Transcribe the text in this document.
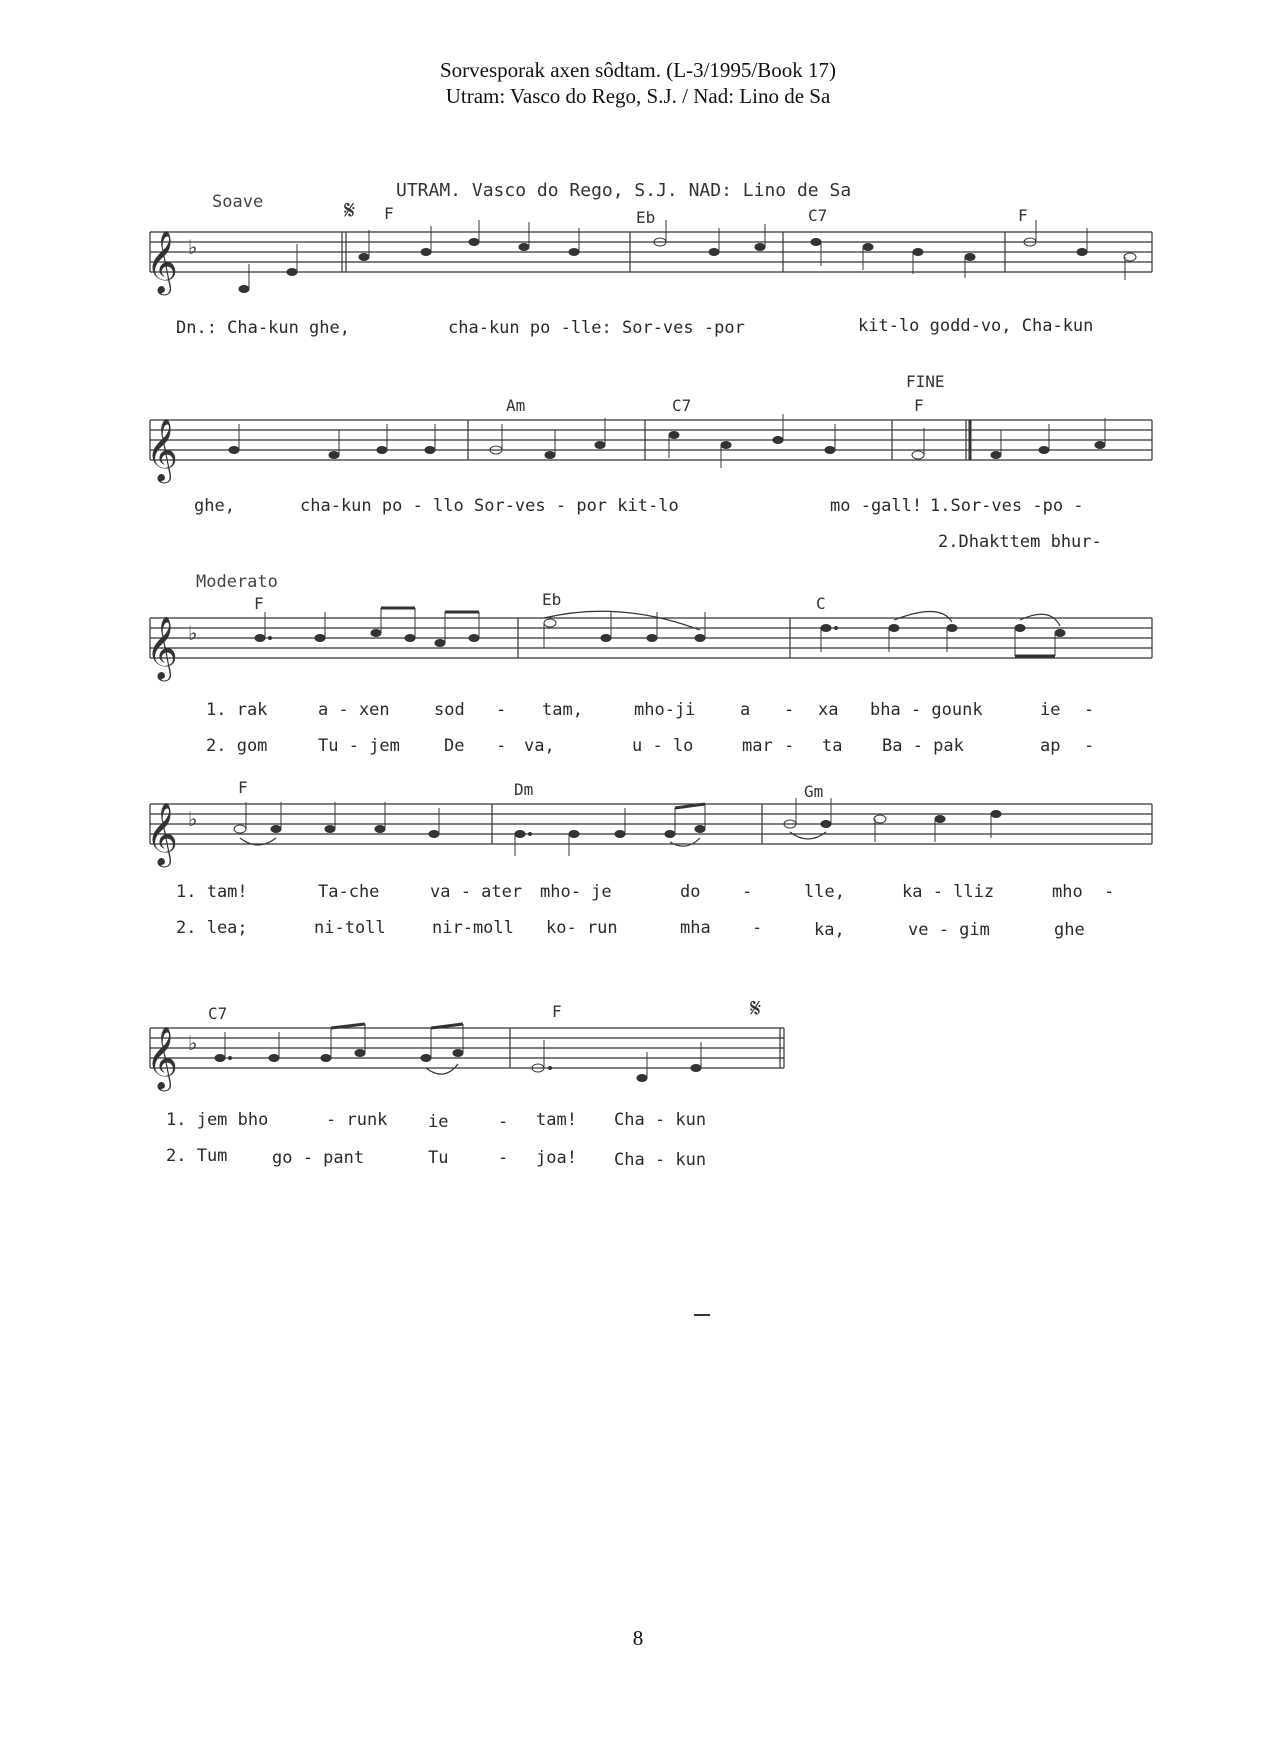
Sorvesporak axen sôdtam. (L-3/1995/Book 17)
Utram: Vasco do Rego, S.J. / Nad: Lino de Sa
Soave
UTRAM. Vasco do Rego, S.J. NAD: Lino de Sa
F	Eb	C7	F
𝄋
𝄞 ♭
Dn.: Cha-kun ghe,	cha-kun po -lle: Sor-ves -por	kit-lo godd-vo, Cha-kun
FINE
Am	C7	F
𝄞
ghe,	cha-kun po - llo Sor-ves - por kit-lo	mo -gall! 1.Sor-ves -po -
2.Dhakttem bhur-
Moderato
F	Eb	C
𝄞 ♭
1. rak	a - xen	sod - tam,	mho-ji	a - xa bha - gounk	ie -
2. gom	Tu - jem	De - va,	u - lo	mar - ta Ba - pak	ap -
F	Dm	Gm
𝄞 ♭
1. tam!	Ta-che	va - ater mho- je	do -	lle,	ka - lliz	mho -
2. lea;	ni-toll	nir-moll ko- run	mha -	ka,	ve - gim	ghe
C7	F	𝄋
𝄞 ♭
1. jem bho	- runk ie	- tam! Cha - kun
2. Tum	go - pant	Tu	- joa! Cha - kun
8
